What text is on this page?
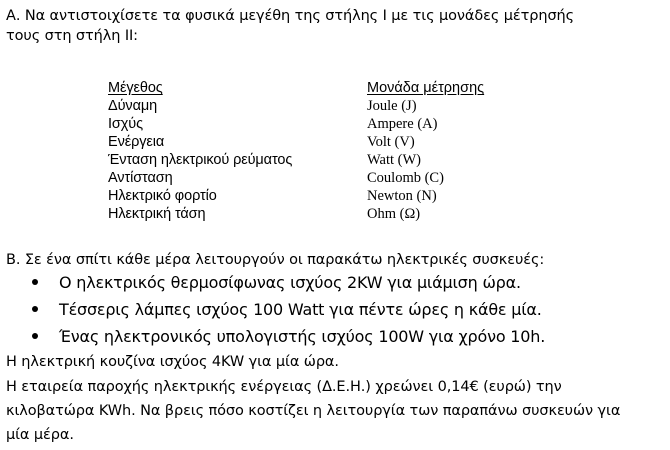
Α. Να αντιστοιχίσετε τα φυσικά μεγέθη της στήλης Ι με τις μονάδες μέτρησής
τους στη στήλη ΙΙ:
Μέγεθος
Δύναμη
Ισχύς
Ενέργεια
Ένταση ηλεκτρικού ρεύματος
Αντίσταση
Ηλεκτρικό φορτίο
Ηλεκτρική τάση
Μονάδα μέτρησης
Joule (J)
Ampere (A)
Volt (V)
Watt (W)
Coulomb (C)
Newton (N)
Ohm (Ω)
Β. Σε ένα σπίτι κάθε μέρα λειτουργούν οι παρακάτω ηλεκτρικές συσκευές:
Ο ηλεκτρικός θερμοσίφωνας ισχύος 2KW για μιάμιση ώρα.
Τέσσερις λάμπες ισχύος 100 Watt για πέντε ώρες η κάθε μία.
Ένας ηλεκτρονικός υπολογιστής ισχύος 100W για χρόνο 10h.
Η ηλεκτρική κουζίνα ισχύος 4KW για μία ώρα.
Η εταιρεία παροχής ηλεκτρικής ενέργειας (Δ.Ε.Η.) χρεώνει 0,14€ (ευρώ) την
κιλοβατώρα KWh. Να βρεις πόσο κοστίζει η λειτουργία των παραπάνω συσκευών για
μία μέρα.
